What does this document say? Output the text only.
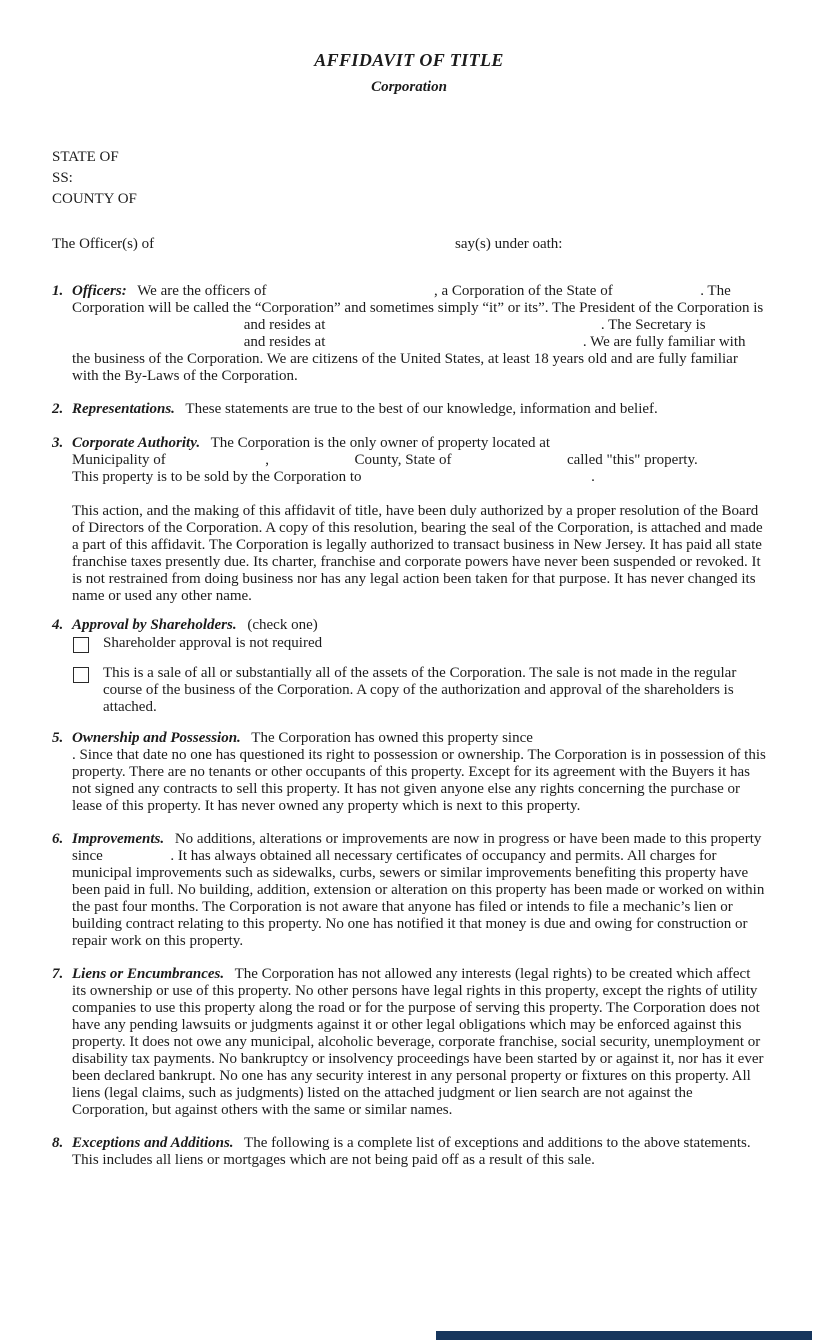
AFFIDAVIT OF TITLE
Corporation
STATE OF
SS:
COUNTY OF
The Officer(s) of	say(s) under oath:
1. Officers: We are the officers of	, a Corporation of the State of	. The Corporation will be called the “Corporation” and sometimes simply “it” or its”. The President of the Corporation is
and resides at	. The Secretary is
and resides at	. We are fully familiar with
the business of the Corporation. We are citizens of the United States, at least 18 years old and are fully familiar with the By-Laws of the Corporation.
2. Representations. These statements are true to the best of our knowledge, information and belief.
3. Corporate Authority. The Corporation is the only owner of property located at
Municipality of	,	County, State of	called "this" property.
This property is to be sold by the Corporation to	.
This action, and the making of this affidavit of title, have been duly authorized by a proper resolution of the Board of Directors of the Corporation. A copy of this resolution, bearing the seal of the Corporation, is attached and made a part of this affidavit. The Corporation is legally authorized to transact business in New Jersey. It has paid all state franchise taxes presently due. Its charter, franchise and corporate powers have never been suspended or revoked. It is not restrained from doing business nor has any legal action been taken for that purpose. It has never changed its name or used any other name.
4. Approval by Shareholders. (check one)
Shareholder approval is not required
This is a sale of all or substantially all of the assets of the Corporation. The sale is not made in the regular course of the business of the Corporation. A copy of the authorization and approval of the shareholders is attached.
5. Ownership and Possession. The Corporation has owned this property since  . Since that date no one has questioned its right to possession or ownership. The Corporation is in possession of this property. There are no tenants or other occupants of this property. Except for its agreement with the Buyers it has not signed any contracts to sell this property. It has not given anyone else any rights concerning the purchase or lease of this property. It has never owned any property which is next to this property.
6. Improvements. No additions, alterations or improvements are now in progress or have been made to this property since	. It has always obtained all necessary certificates of occupancy and permits. All charges for municipal improvements such as sidewalks, curbs, sewers or similar improvements benefiting this property have been paid in full. No building, addition, extension or alteration on this property has been made or worked on within the past four months. The Corporation is not aware that anyone has filed or intends to file a mechanic’s lien or building contract relating to this property. No one has notified it that money is due and owing for construction or repair work on this property.
7. Liens or Encumbrances. The Corporation has not allowed any interests (legal rights) to be created which affect its ownership or use of this property. No other persons have legal rights in this property, except the rights of utility companies to use this property along the road or for the purpose of serving this property. The Corporation does not have any pending lawsuits or judgments against it or other legal obligations which may be enforced against this property. It does not owe any municipal, alcoholic beverage, corporate franchise, social security, unemployment or disability tax payments. No bankruptcy or insolvency proceedings have been started by or against it, nor has it ever been declared bankrupt. No one has any security interest in any personal property or fixtures on this property. All liens (legal claims, such as judgments) listed on the attached judgment or lien search are not against the Corporation, but against others with the same or similar names.
8. Exceptions and Additions. The following is a complete list of exceptions and additions to the above statements. This includes all liens or mortgages which are not being paid off as a result of this sale.
